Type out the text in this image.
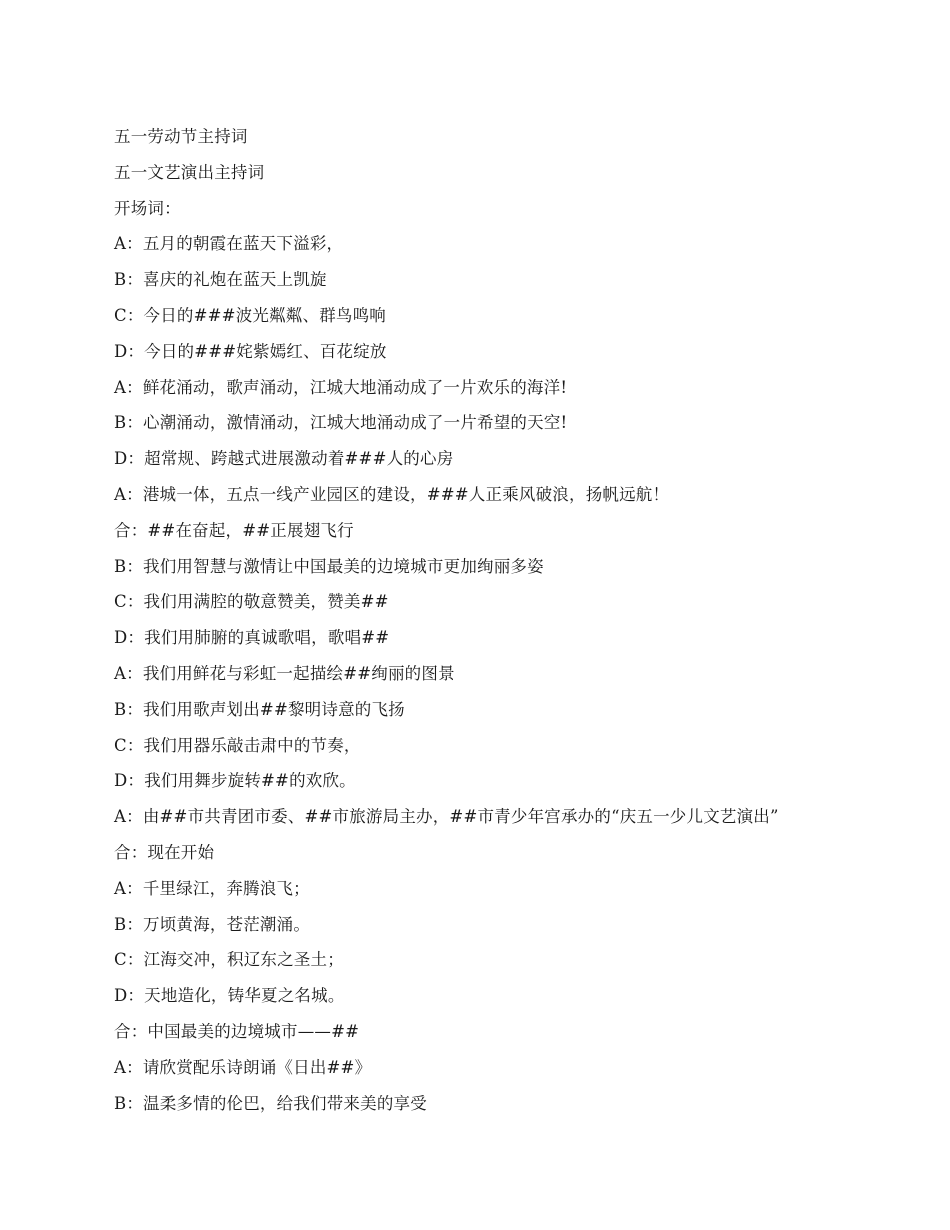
五一劳动节主持词
五一文艺演出主持词
开场词：
A：五月的朝霞在蓝天下溢彩，
B：喜庆的礼炮在蓝天上凯旋
C：今日的###波光粼粼、群鸟鸣响
D：今日的###姹紫嫣红、百花绽放
A：鲜花涌动，歌声涌动，江城大地涌动成了一片欢乐的海洋!
B：心潮涌动，激情涌动，江城大地涌动成了一片希望的天空!
D：超常规、跨越式进展激动着###人的心房
A：港城一体，五点一线产业园区的建设，###人正乘风破浪，扬帆远航！
合：##在奋起，##正展翅飞行
B：我们用智慧与激情让中国最美的边境城市更加绚丽多姿
C：我们用满腔的敬意赞美，赞美##
D：我们用肺腑的真诚歌唱，歌唱##
A：我们用鲜花与彩虹一起描绘##绚丽的图景
B：我们用歌声划出##黎明诗意的飞扬
C：我们用器乐敲击肃中的节奏，
D：我们用舞步旋转##的欢欣。
A：由##市共青团市委、##市旅游局主办，##市青少年宫承办的“庆五一少儿文艺演出”
合：现在开始
A：千里绿江，奔腾浪飞；
B：万顷黄海，苍茫潮涌。
C：江海交冲，积辽东之圣土；
D：天地造化，铸华夏之名城。
合：中国最美的边境城市——##
A：请欣赏配乐诗朗诵《日出##》
B：温柔多情的伦巴，给我们带来美的享受
